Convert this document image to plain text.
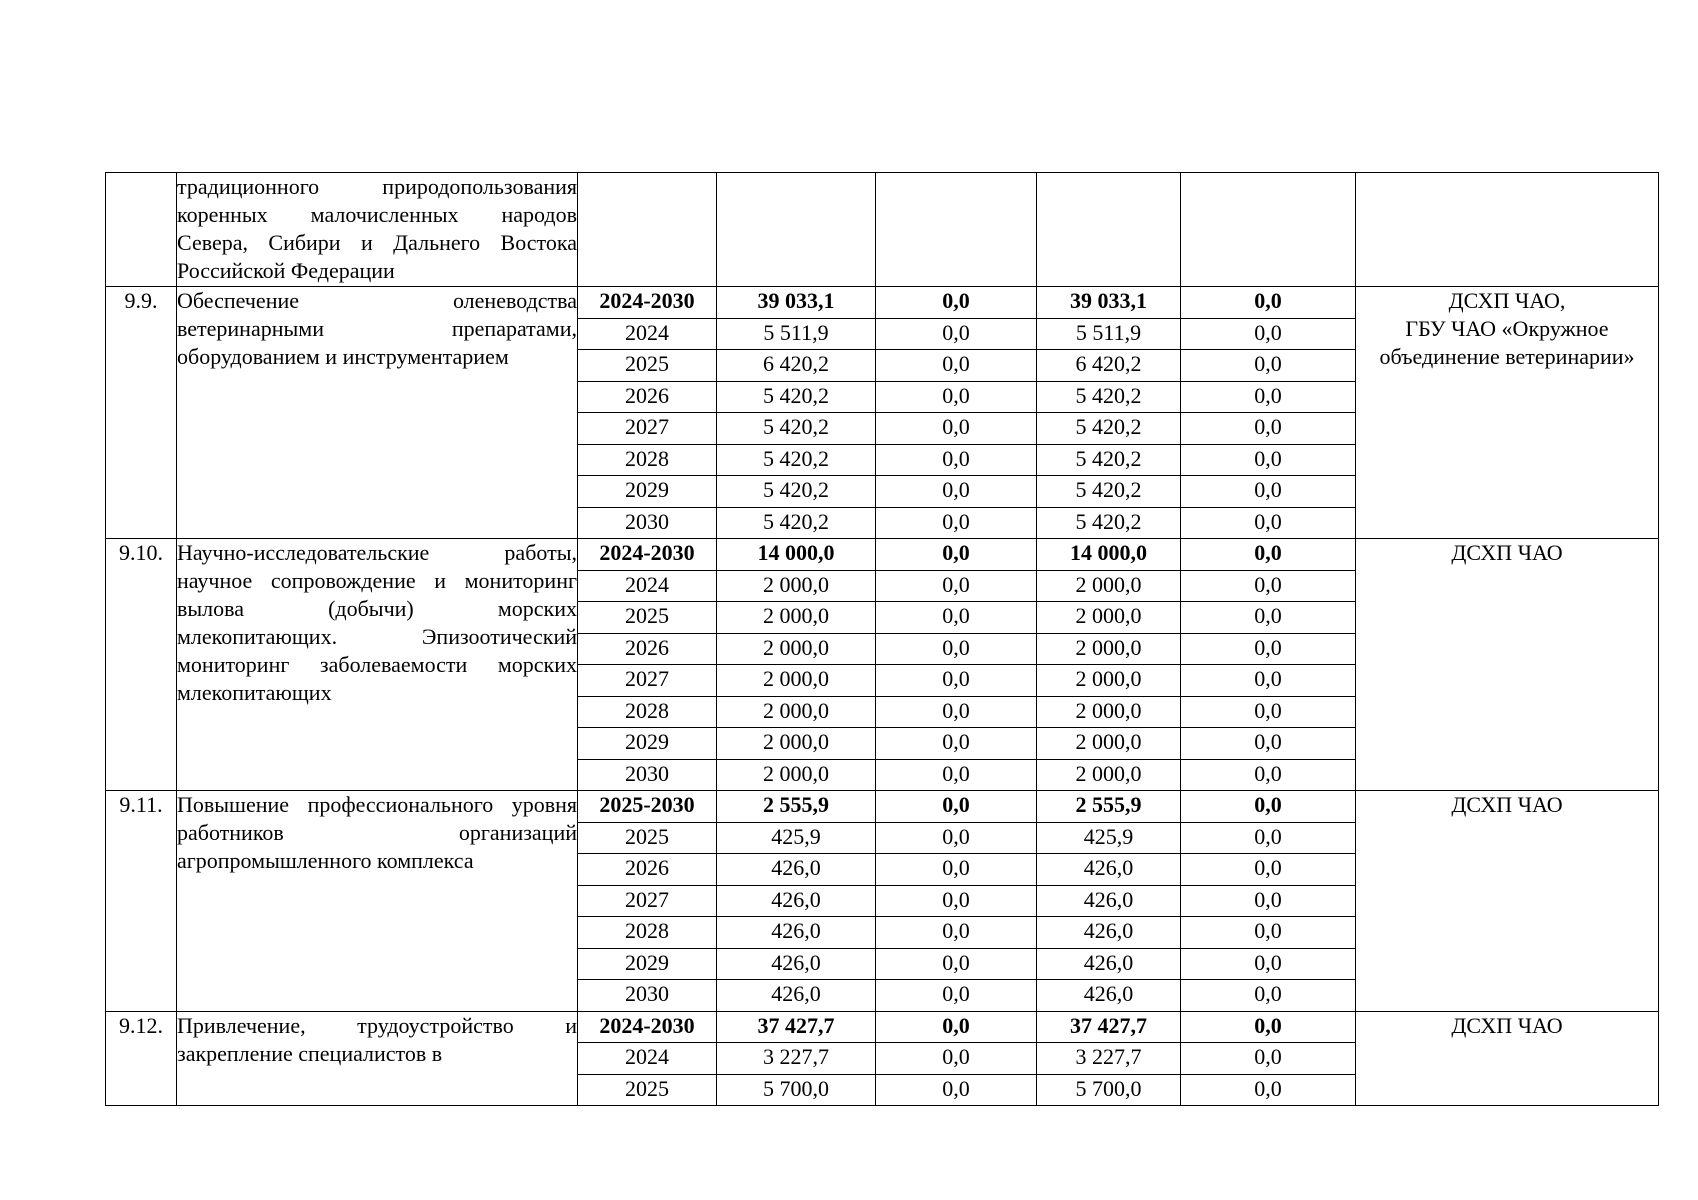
	традиционного природопользования коренных малочисленных народов Севера, Сибири и Дальнего Востока Российской Федерации						
9.9.	Обеспечение оленеводства ветеринарными препаратами, оборудованием и инструментарием	2024-2030	39 033,1	0,0	39 033,1	0,0	ДСХП ЧАО,
ГБУ ЧАО «Окружное объединение ветеринарии»

		2024	5 511,9	0,0	5 511,9	0,0	
		2025	6 420,2	0,0	6 420,2	0,0	
		2026	5 420,2	0,0	5 420,2	0,0	
		2027	5 420,2	0,0	5 420,2	0,0	
		2028	5 420,2	0,0	5 420,2	0,0	
		2029	5 420,2	0,0	5 420,2	0,0	
		2030	5 420,2	0,0	5 420,2	0,0	
9.10.	Научно-исследовательские работы, научное сопровождение и мониторинг вылова (добычи) морских млекопитающих. Эпизоотический мониторинг заболеваемости морских млекопитающих	2024-2030	14 000,0	0,0	14 000,0	0,0	ДСХП ЧАО

		2024	2 000,0	0,0	2 000,0	0,0	
		2025	2 000,0	0,0	2 000,0	0,0	
		2026	2 000,0	0,0	2 000,0	0,0	
		2027	2 000,0	0,0	2 000,0	0,0	
		2028	2 000,0	0,0	2 000,0	0,0	
		2029	2 000,0	0,0	2 000,0	0,0	
		2030	2 000,0	0,0	2 000,0	0,0	
9.11.	Повышение профессионального уровня работников организаций агропромышленного комплекса	2025-2030	2 555,9	0,0	2 555,9	0,0	ДСХП ЧАО

		2025	425,9	0,0	425,9	0,0	
		2026	426,0	0,0	426,0	0,0	
		2027	426,0	0,0	426,0	0,0	
		2028	426,0	0,0	426,0	0,0	
		2029	426,0	0,0	426,0	0,0	
		2030	426,0	0,0	426,0	0,0	
9.12.	Привлечение, трудоустройство и закрепление специалистов в	2024-2030	37 427,7	0,0	37 427,7	0,0	ДСХП ЧАО

		2024	3 227,7	0,0	3 227,7	0,0	
		2025	5 700,0	0,0	5 700,0	0,0	
